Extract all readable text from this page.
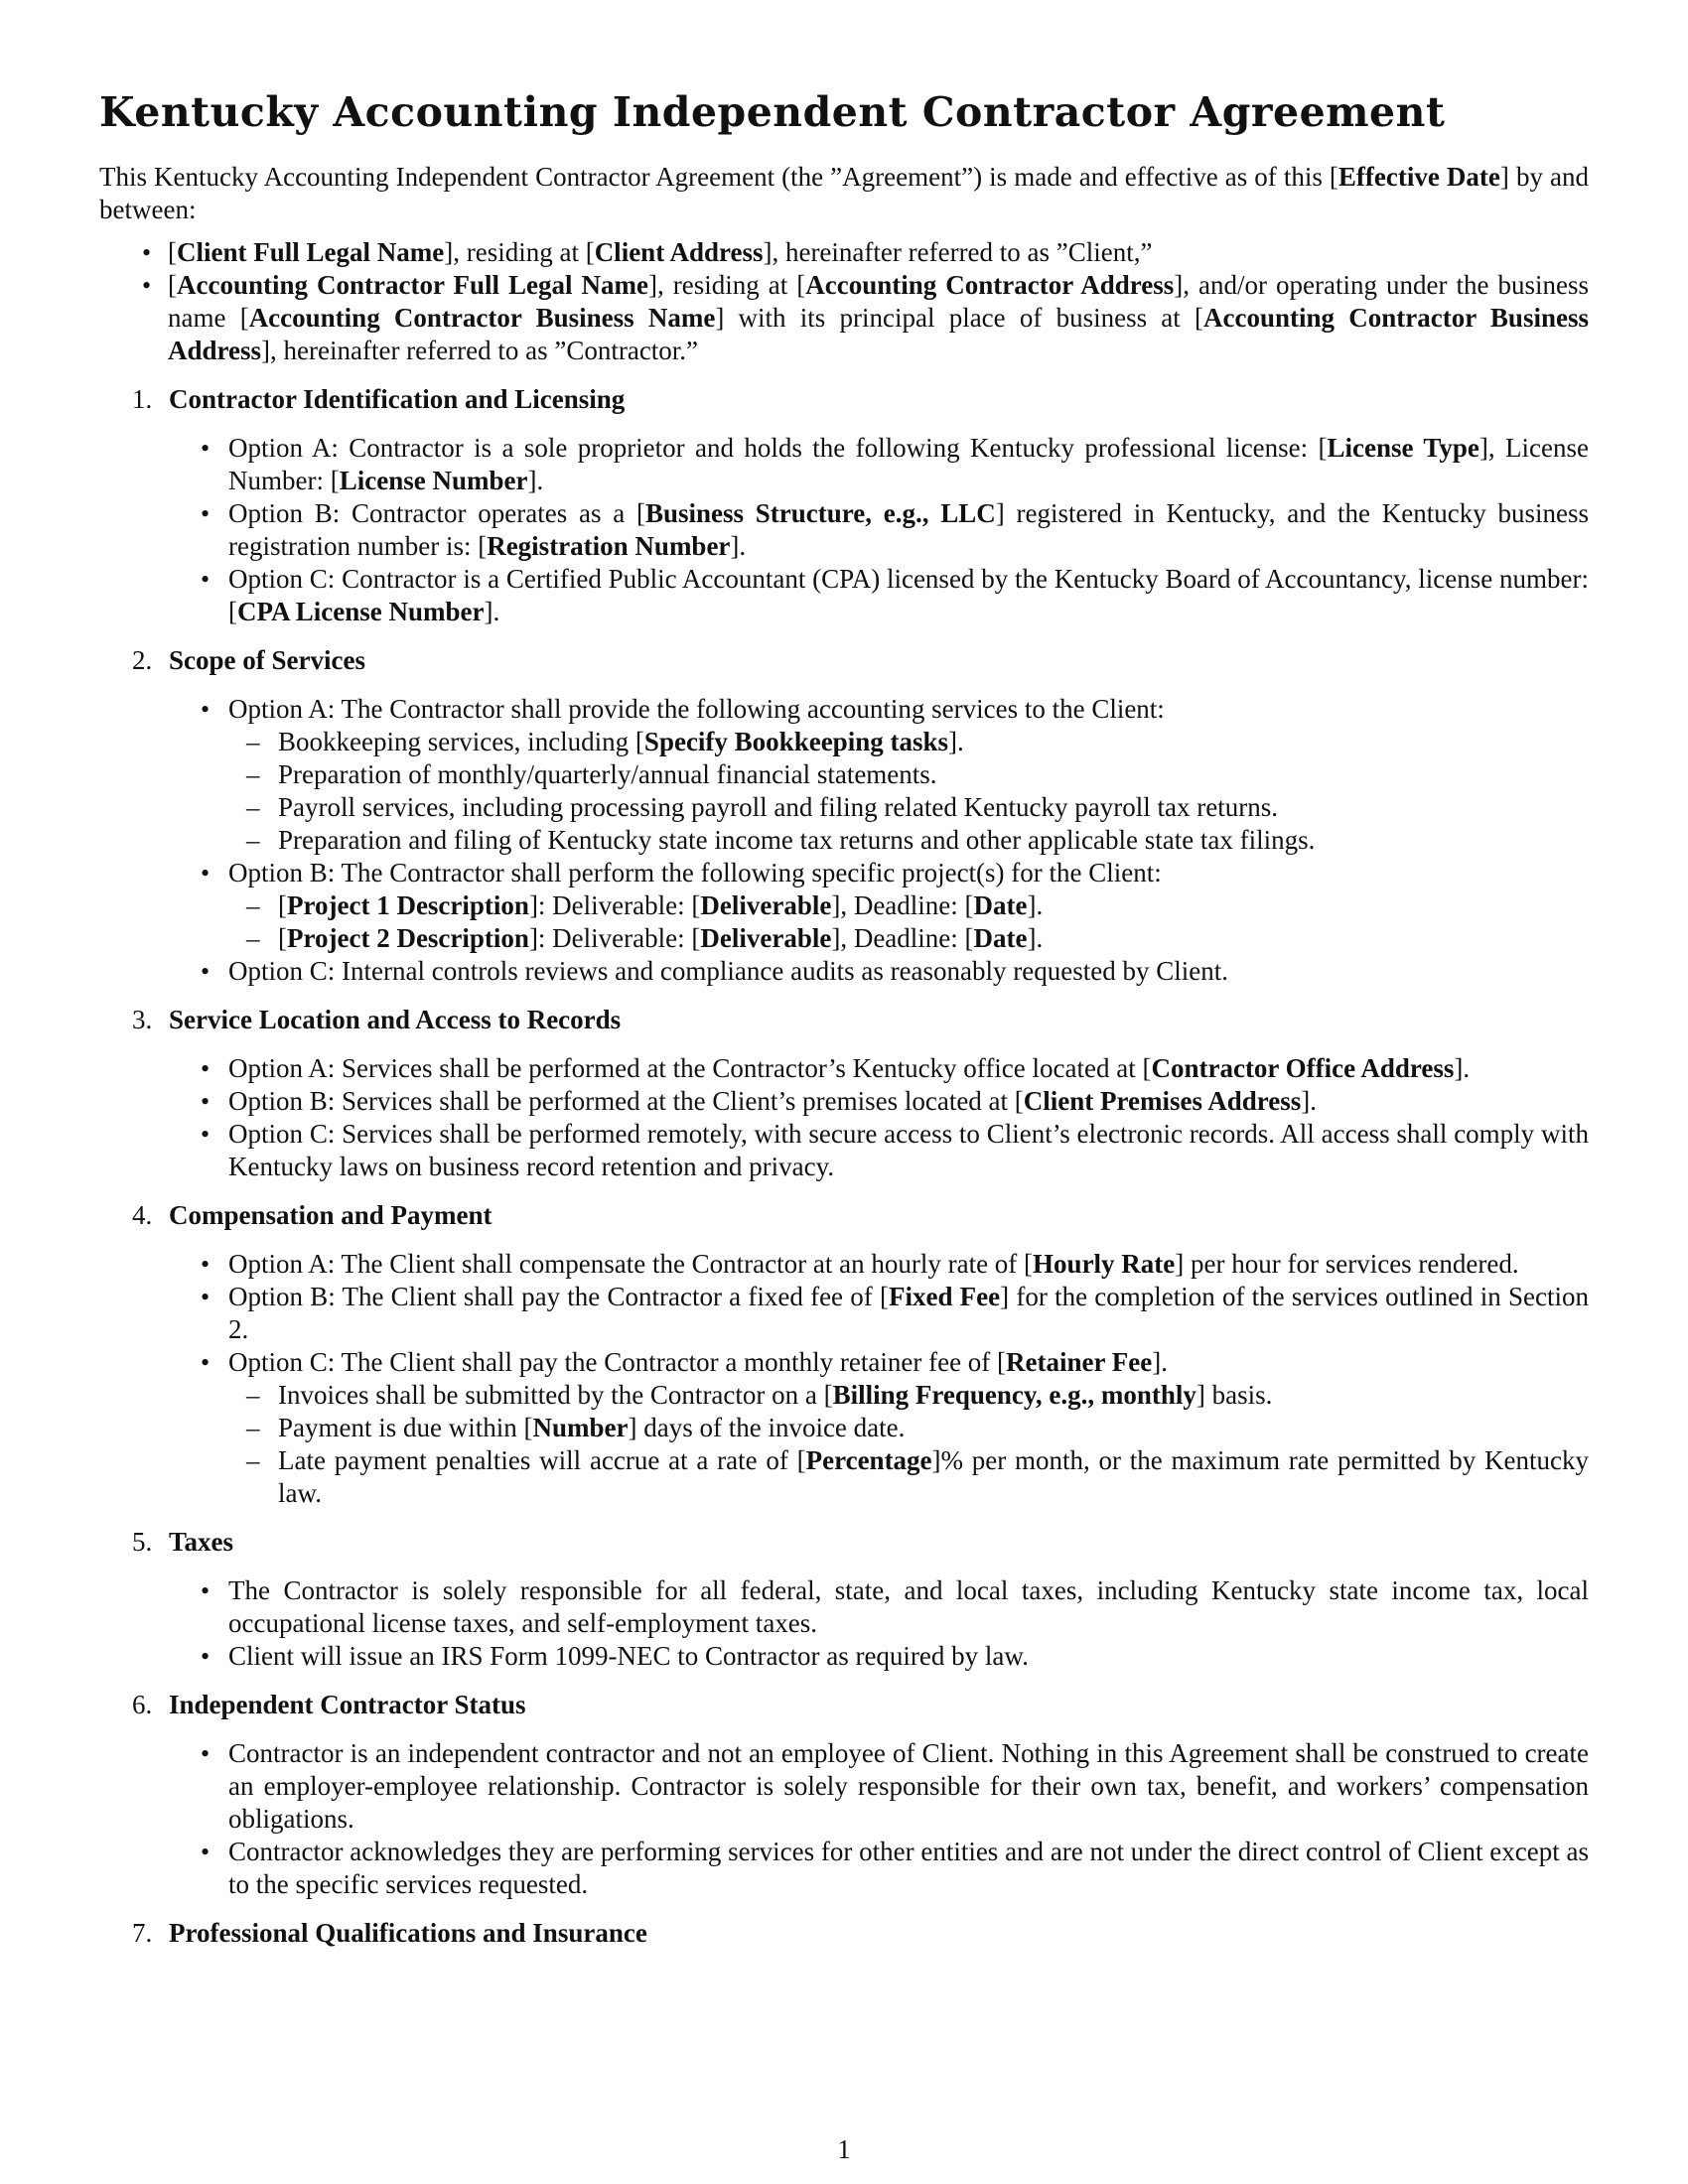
Kentucky Accounting Independent Contractor Agreement

This Kentucky Accounting Independent Contractor Agreement (the ”Agreement”) is made and effective as of this [Effective Date] by and between:

• [Client Full Legal Name], residing at [Client Address], hereinafter referred to as ”Client,”
• [Accounting Contractor Full Legal Name], residing at [Accounting Contractor Address], and/or operating under the business name [Accounting Contractor Business Name] with its principal place of business at [Accounting Contractor Business Address], hereinafter referred to as ”Contractor.”
1. Contractor Identification and Licensing
• Option A: Contractor is a sole proprietor and holds the following Kentucky professional license: [License Type], License Number: [License Number].
• Option B: Contractor operates as a [Business Structure, e.g., LLC] registered in Kentucky, and the Kentucky business registration number is: [Registration Number].
• Option C: Contractor is a Certified Public Accountant (CPA) licensed by the Kentucky Board of Accountancy, license number: [CPA License Number].
2. Scope of Services
• Option A: The Contractor shall provide the following accounting services to the Client:
– Bookkeeping services, including [Specify Bookkeeping tasks].
– Preparation of monthly/quarterly/annual financial statements.
– Payroll services, including processing payroll and filing related Kentucky payroll tax returns.
– Preparation and filing of Kentucky state income tax returns and other applicable state tax filings.
• Option B: The Contractor shall perform the following specific project(s) for the Client:
– [Project 1 Description]: Deliverable: [Deliverable], Deadline: [Date].
– [Project 2 Description]: Deliverable: [Deliverable], Deadline: [Date].
• Option C: Internal controls reviews and compliance audits as reasonably requested by Client.
3. Service Location and Access to Records
• Option A: Services shall be performed at the Contractor’s Kentucky office located at [Contractor Office Address].
• Option B: Services shall be performed at the Client’s premises located at [Client Premises Address].
• Option C: Services shall be performed remotely, with secure access to Client’s electronic records. All access shall comply with Kentucky laws on business record retention and privacy.
4. Compensation and Payment
• Option A: The Client shall compensate the Contractor at an hourly rate of [Hourly Rate] per hour for services rendered.
• Option B: The Client shall pay the Contractor a fixed fee of [Fixed Fee] for the completion of the services outlined in Section 2.
• Option C: The Client shall pay the Contractor a monthly retainer fee of [Retainer Fee].
– Invoices shall be submitted by the Contractor on a [Billing Frequency, e.g., monthly] basis.
– Payment is due within [Number] days of the invoice date.
– Late payment penalties will accrue at a rate of [Percentage]% per month, or the maximum rate permitted by Kentucky law.
5. Taxes
• The Contractor is solely responsible for all federal, state, and local taxes, including Kentucky state income tax, local occupational license taxes, and self-employment taxes.
• Client will issue an IRS Form 1099-NEC to Contractor as required by law.
6. Independent Contractor Status
• Contractor is an independent contractor and not an employee of Client. Nothing in this Agreement shall be construed to create an employer-employee relationship. Contractor is solely responsible for their own tax, benefit, and workers’ compensation obligations.
• Contractor acknowledges they are performing services for other entities and are not under the direct control of Client except as to the specific services requested.
7. Professional Qualifications and Insurance
1
